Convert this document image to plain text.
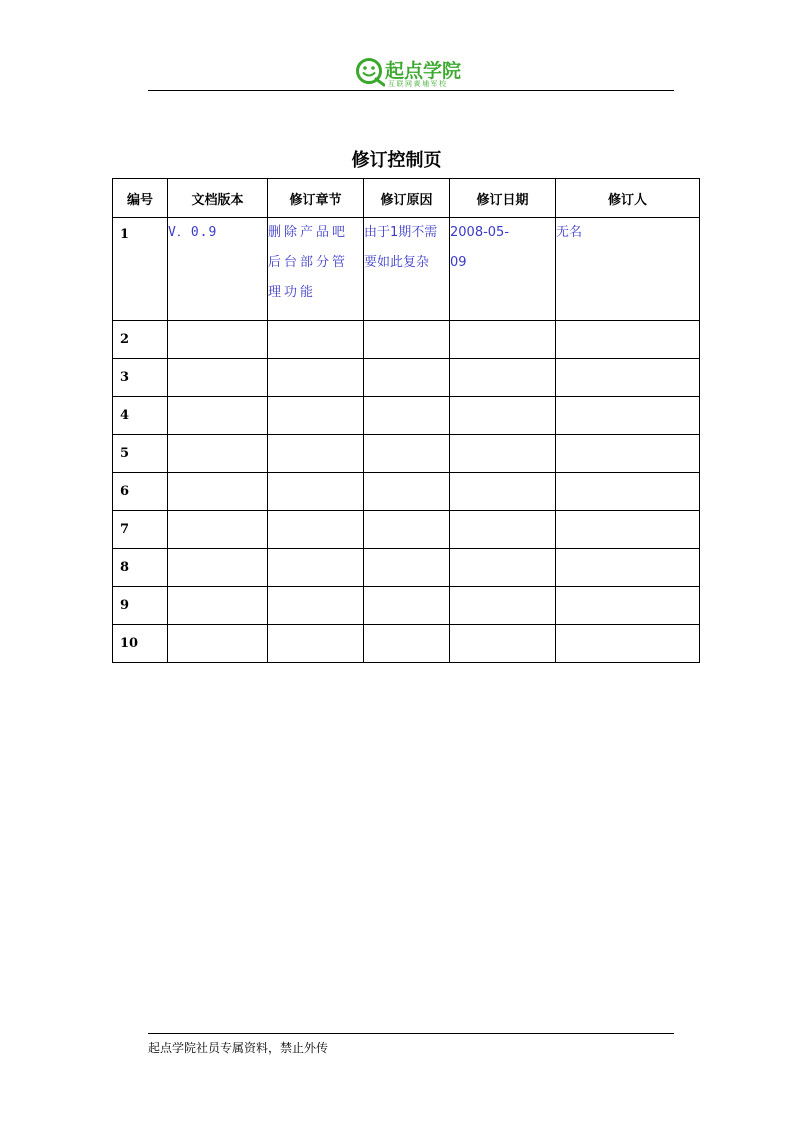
起点学院
互联网黄埔军校
修订控制页
编号	文档版本	修订章节	修订原因	修订日期	修订人
1	V．0.9	删除产品吧后台部分管理功能	由于1期不需要如此复杂	2008-05-09	无名
2					
3					
4					
5					
6					
7					
8					
9					
10					
起点学院社员专属资料，禁止外传
